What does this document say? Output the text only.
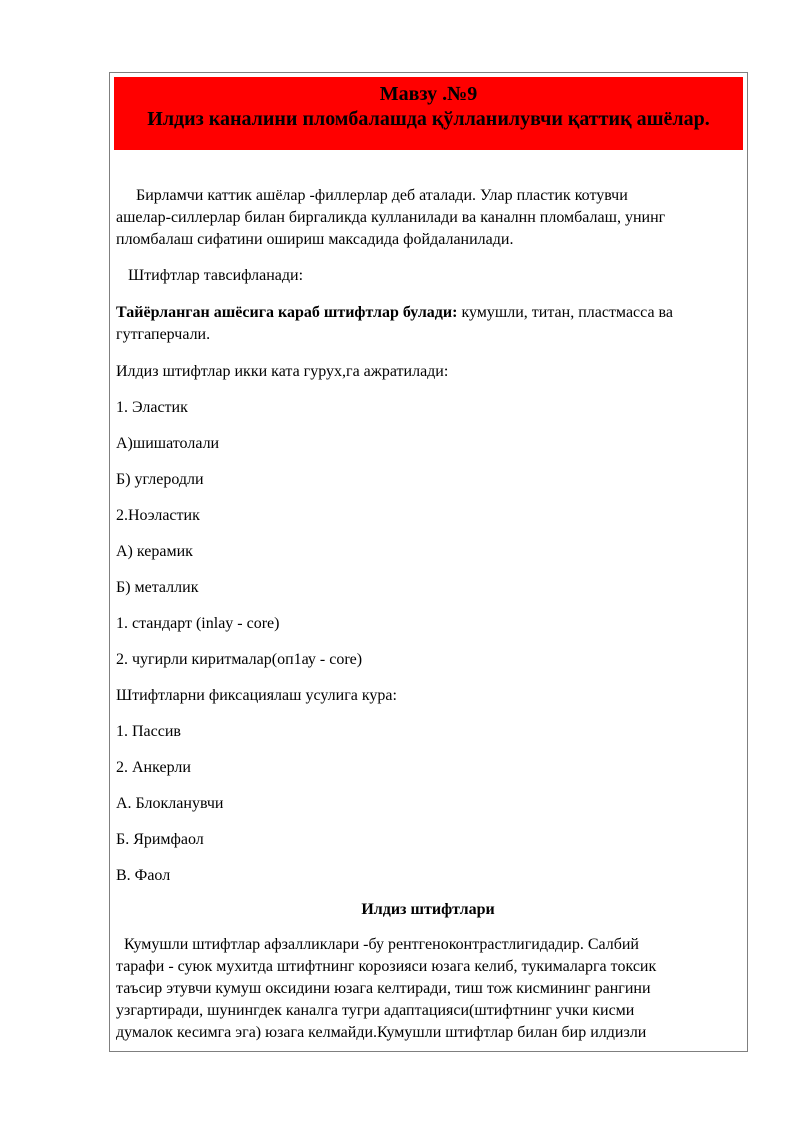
Мавзу .№9
Илдиз каналини пломбалашда қўлланилувчи қаттиқ ашёлар.
Бирламчи каттик ашёлар -филлерлар деб аталади. Улар пластик котувчи
ашелар-силлерлар билан биргаликда кулланилади ва каналнн пломбалаш, унинг
пломбалаш сифатини ошириш максадида фойдаланилади.

Штифтлар тавсифланади:

Тайёрланган ашёсига караб штифтлар булади: кумушли, титан, пластмасса ва
гутгаперчали.

Илдиз штифтлар икки ката гурух,га ажратилади:

1. Эластик

А)шишатолали

Б) углеродли

2.Ноэластик

А) керамик

Б) металлик

1. стандарт (inlay - core)

2. чугирли киритмалар(оп1ау - core)

Штифтларни фиксациялаш усулига кура:

1. Пассив

2. Анкерли

А. Блокланувчи

Б. Яримфаол

В. Фаол

Илдиз штифтлари

Кумушли штифтлар афзалликлари -бу рентгеноконтрастлигидадир. Салбий
тарафи - суюк мухитда штифтнинг корозияси юзага келиб, тукималарга токсик
таъсир этувчи кумуш оксидини юзага келтиради, тиш тож кисмининг рангини
узгартиради, шунингдек каналга тугри адаптацияси(штифтнинг учки кисми
думалок кесимга эга) юзага келмайди.Кумушли штифтлар билан бир илдизли
